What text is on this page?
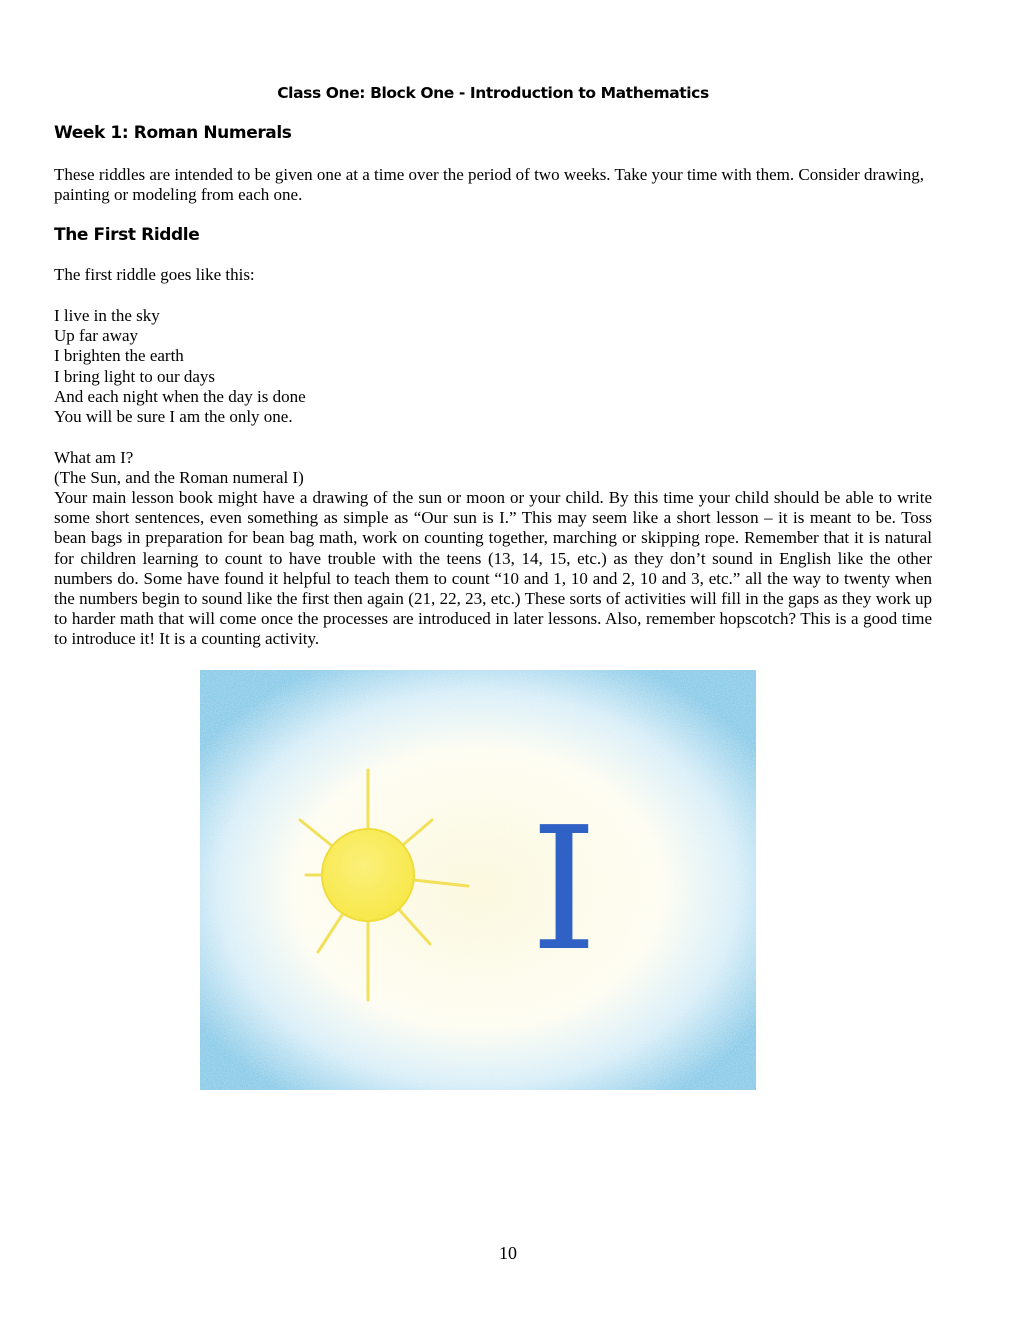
Class One: Block One - Introduction to Mathematics
Week 1: Roman Numerals
These riddles are intended to be given one at a time over the period of two weeks. Take your time with them. Consider drawing, painting or modeling from each one.
The First Riddle
The first riddle goes like this:
I live in the sky
Up far away
I brighten the earth
I bring light to our days
And each night when the day is done
You will be sure I am the only one.
What am I?
(The Sun, and the Roman numeral I)
Your main lesson book might have a drawing of the sun or moon or your child. By this time your child should be able to write some short sentences, even something as simple as “Our sun is I.” This may seem like a short lesson – it is meant to be. Toss bean bags in preparation for bean bag math, work on counting together, marching or skipping rope. Remember that it is natural for children learning to count to have trouble with the teens (13, 14, 15, etc.) as they don’t sound in English like the other numbers do. Some have found it helpful to teach them to count “10 and 1, 10 and 2, 10 and 3, etc.” all the way to twenty when the numbers begin to sound like the first then again (21, 22, 23, etc.) These sorts of activities will fill in the gaps as they work up to harder math that will come once the processes are introduced in later lessons. Also, remember hopscotch? This is a good time to introduce it! It is a counting activity.
I
10
